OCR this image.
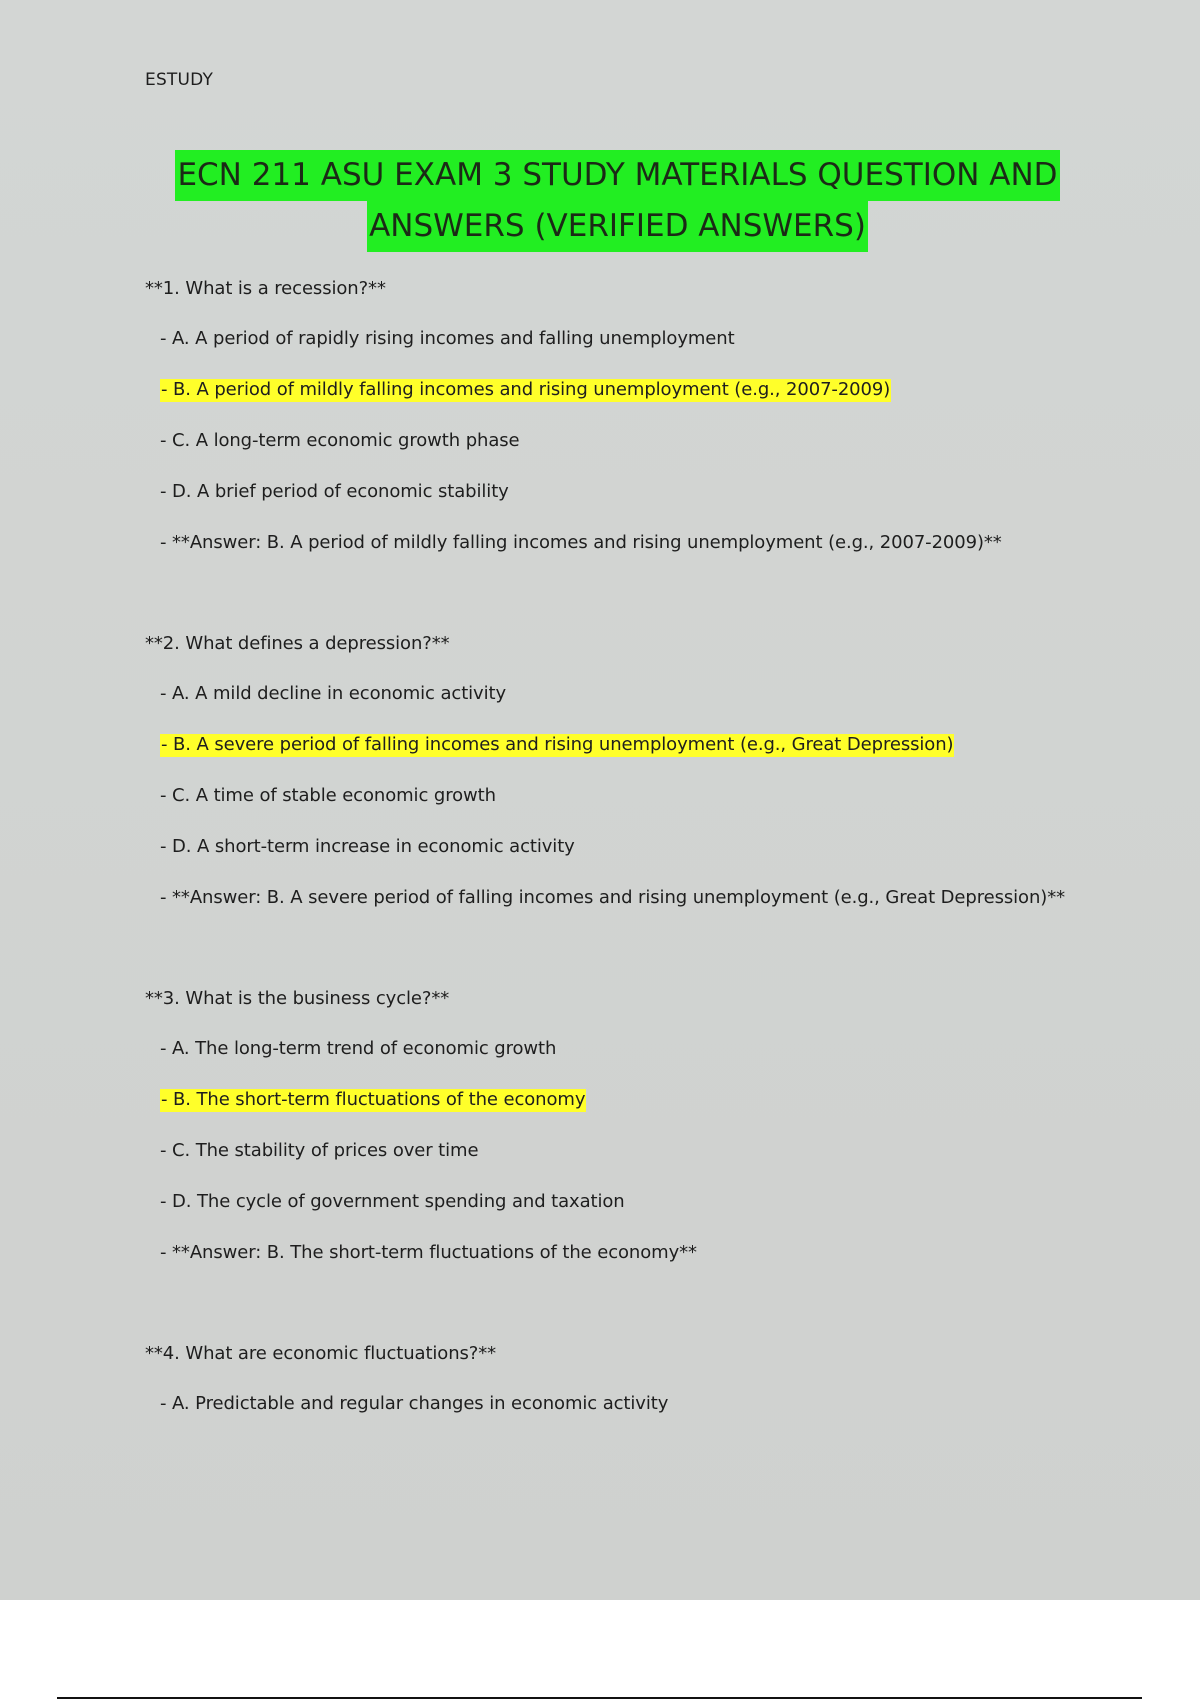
ESTUDY
ECN 211 ASU EXAM 3 STUDY MATERIALS QUESTION AND
ANSWERS (VERIFIED ANSWERS)
**1. What is a recession?**
- A. A period of rapidly rising incomes and falling unemployment
- B. A period of mildly falling incomes and rising unemployment (e.g., 2007-2009)
- C. A long-term economic growth phase
- D. A brief period of economic stability
- **Answer: B. A period of mildly falling incomes and rising unemployment (e.g., 2007-2009)**
**2. What defines a depression?**
- A. A mild decline in economic activity
- B. A severe period of falling incomes and rising unemployment (e.g., Great Depression)
- C. A time of stable economic growth
- D. A short-term increase in economic activity
- **Answer: B. A severe period of falling incomes and rising unemployment (e.g., Great Depression)**
**3. What is the business cycle?**
- A. The long-term trend of economic growth
- B. The short-term fluctuations of the economy
- C. The stability of prices over time
- D. The cycle of government spending and taxation
- **Answer: B. The short-term fluctuations of the economy**
**4. What are economic fluctuations?**
- A. Predictable and regular changes in economic activity
